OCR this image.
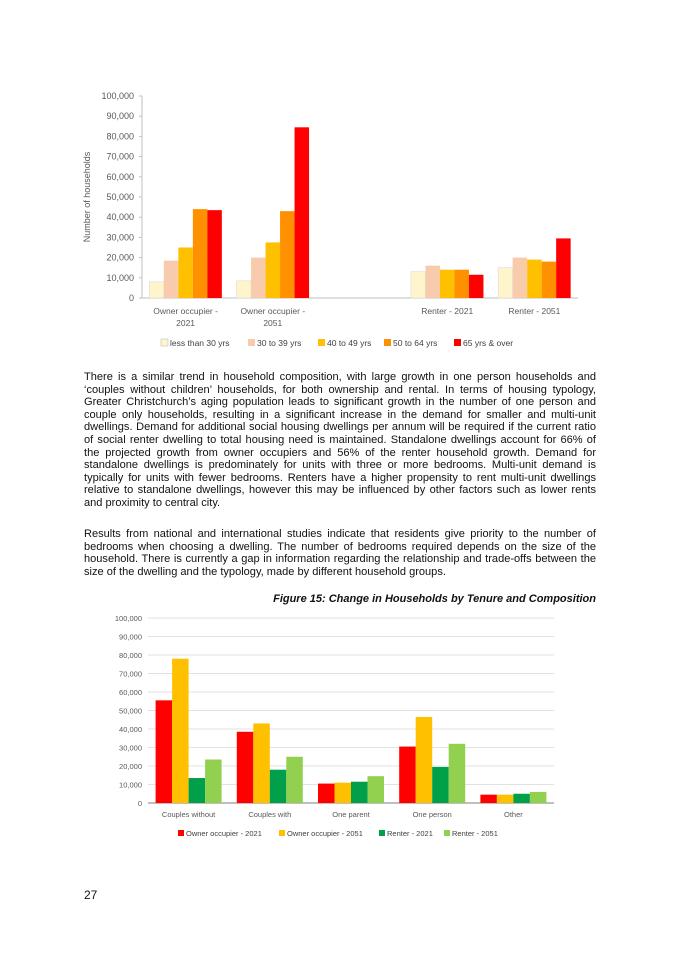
Number of households
0
10,000
20,000
30,000
40,000
50,000
60,000
70,000
80,000
90,000
100,000
Owner occupier -
2021
Owner occupier -
2051
Renter - 2021	Renter - 2051
less than 30 yrs	30 to 39 yrs	40 to 49 yrs	50 to 64 yrs	65 yrs & over

There is a similar trend in household composition, with large growth in one person households and ‘couples without children’ households, for both ownership and rental. In terms of housing typology, Greater Christchurch’s aging population leads to significant growth in the number of one person and couple only households, resulting in a significant increase in the demand for smaller and multi-unit dwellings. Demand for additional social housing dwellings per annum will be required if the current ratio of social renter dwelling to total housing need is maintained. Standalone dwellings account for 66% of the projected growth from owner occupiers and 56% of the renter household growth. Demand for standalone dwellings is predominately for units with three or more bedrooms. Multi-unit demand is typically for units with fewer bedrooms. Renters have a higher propensity to rent multi-unit dwellings relative to standalone dwellings, however this may be influenced by other factors such as lower rents and proximity to central city.

Results from national and international studies indicate that residents give priority to the number of bedrooms when choosing a dwelling. The number of bedrooms required depends on the size of the household. There is currently a gap in information regarding the relationship and trade-offs between the size of the dwelling and the typology, made by different household groups.

Figure 15: Change in Households by Tenure and Composition

0
10,000
20,000
30,000
40,000
50,000
60,000
70,000
80,000
90,000
100,000
Couples without	Couples with	One parent	One person	Other
Owner occupier - 2021	Owner occupier - 2051	Renter - 2021	Renter - 2051
27
